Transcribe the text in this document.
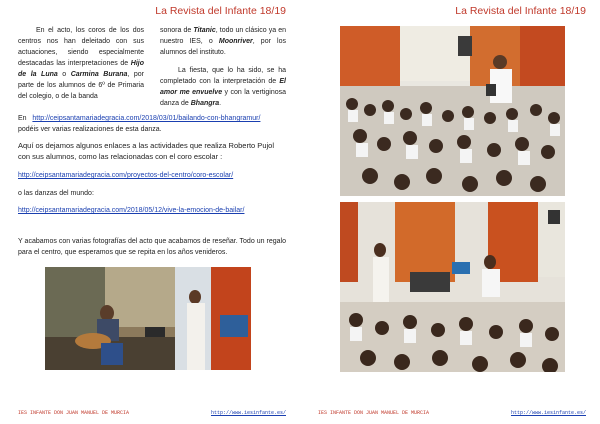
La Revista del Infante 18/19
En el acto, los coros de los dos centros nos han deleitado con sus actuaciones, siendo especialmente destacadas las interpretaciones de Hijo de la Luna o Carmina Burana, por parte de los alumnos de 6º de Primaria del colegio, o de la banda
sonora de Titanic, todo un clásico ya en nuestro IES, o Moonriver, por los alumnos del instituto.
La fiesta, que lo ha sido, se ha completado con la interpretación de El amor me envuelve y con la vertiginosa danza de Bhangra.
En http://ceipsantamariadegracia.com/2018/03/01/bailando-con-bhangramur/
podéis ver varias realizaciones de esta danza.
Aquí os dejamos algunos enlaces a las actividades que realiza Roberto Pujol con sus alumnos, como las relacionadas con el coro escolar :
http://ceipsantamariadegracia.com/proyectos-del-centro/coro-escolar/
o las danzas del mundo:
http://ceipsantamariadegracia.com/2018/05/12/vive-la-emocion-de-bailar/
Y acabamos con varias fotografías del acto que acabamos de reseñar. Todo un regalo para el centro, que esperamos que se repita en los años venideros.
IES INFANTE DON JUAN MANUEL DE MURCIA	http://www.iesinfante.es/
La Revista del Infante 18/19
IES INFANTE DON JUAN MANUEL DE MURCIA	http://www.iesinfante.es/
